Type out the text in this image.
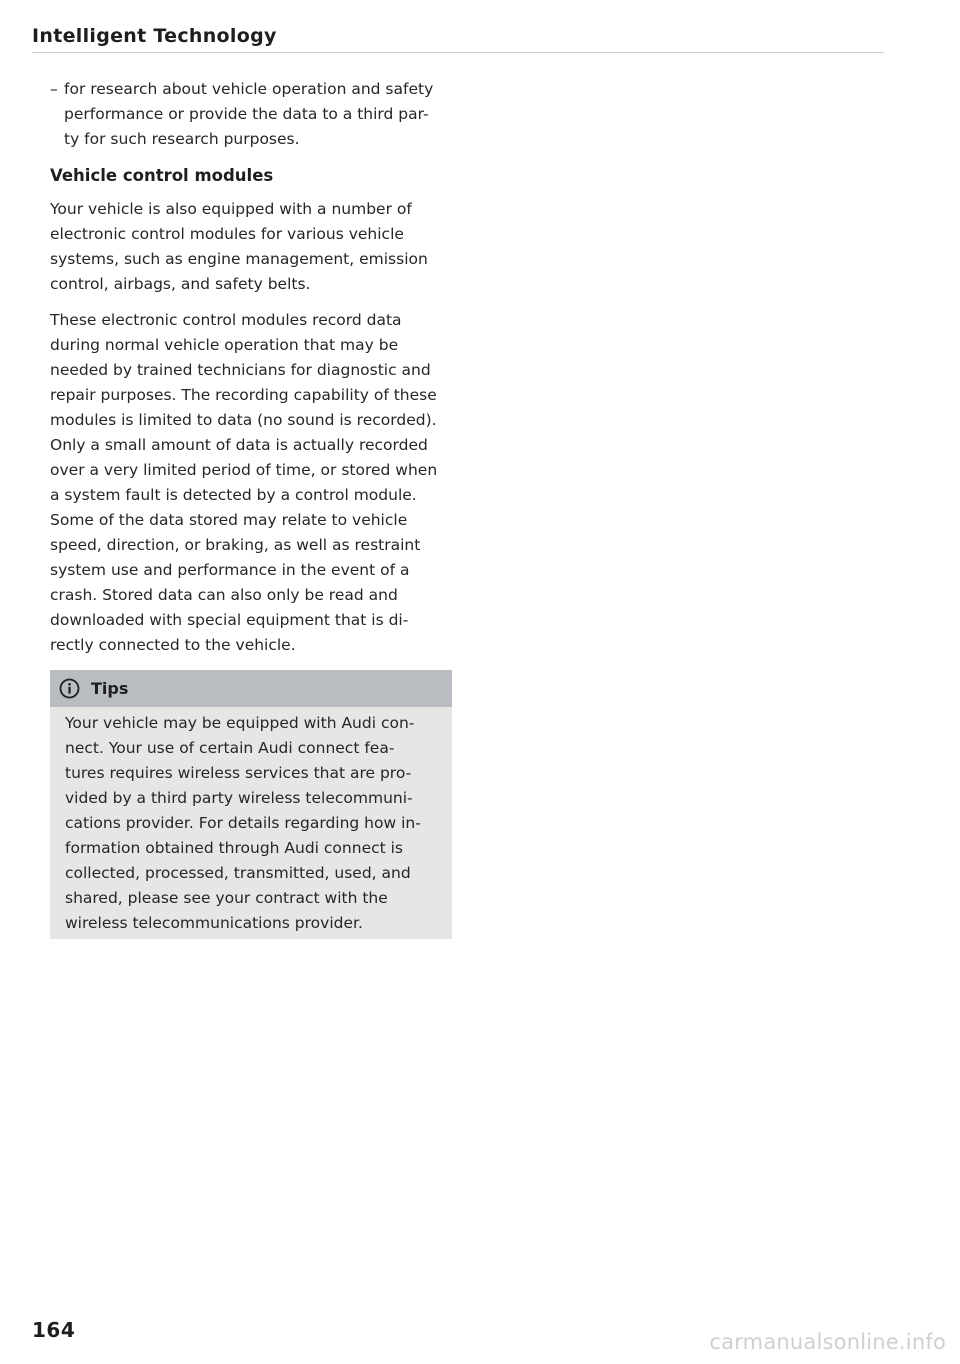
Intelligent Technology

– for research about vehicle operation and safety
performance or provide the data to a third par-
ty for such research purposes.

Vehicle control modules

Your vehicle is also equipped with a number of
electronic control modules for various vehicle
systems, such as engine management, emission
control, airbags, and safety belts.

These electronic control modules record data
during normal vehicle operation that may be
needed by trained technicians for diagnostic and
repair purposes. The recording capability of these
modules is limited to data (no sound is recorded).
Only a small amount of data is actually recorded
over a very limited period of time, or stored when
a system fault is detected by a control module.
Some of the data stored may relate to vehicle
speed, direction, or braking, as well as restraint
system use and performance in the event of a
crash. Stored data can also only be read and
downloaded with special equipment that is di-
rectly connected to the vehicle.

Tips
Your vehicle may be equipped with Audi con-
nect. Your use of certain Audi connect fea-
tures requires wireless services that are pro-
vided by a third party wireless telecommuni-
cations provider. For details regarding how in-
formation obtained through Audi connect is
collected, processed, transmitted, used, and
shared, please see your contract with the
wireless telecommunications provider.
164	carmanualsonline.info
